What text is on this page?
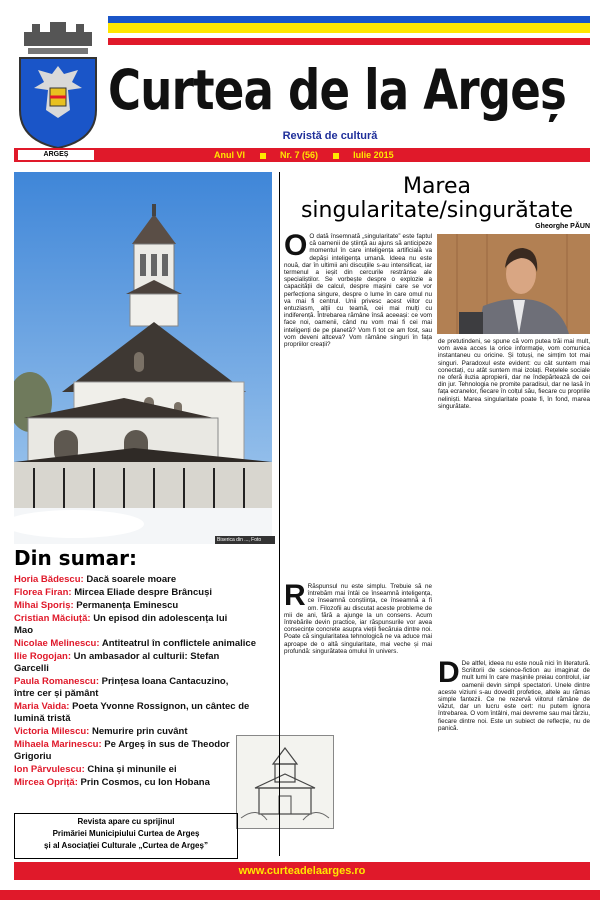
ARGEȘ
Curtea de la Argeș
Revistă de cultură
Anul VI	Nr. 7 (56)	Iulie 2015
Biserica din ..., Foto
Din sumar:
Horia Bădescu: Dacă soarele moare
Florea Firan: Mircea Eliade despre Brâncuși
Mihai Sporiș: Permanența Eminescu
Cristian Măciuță: Un episod din adolescența lui Mao
Nicolae Melinescu: Antiteatrul în conflictele animalice
Ilie Rogojan: Un ambasador al culturii: Stefan Garcelli
Paula Romanescu: Prințesa Ioana Cantacuzino, între cer și pământ
Maria Vaida: Poeta Yvonne Rossignon, un cântec de lumină tristă
Victoria Milescu: Nemurire prin cuvânt
Mihaela Marinescu: Pe Argeș în sus de Theodor Grigoriu
Ion Pârvulescu: China și minunile ei
Mircea Opriță: Prin Cosmos, cu Ion Hobana
Revista apare cu sprijinul
Primăriei Municipiului Curtea de Argeș
și al Asociației Culturale „Curtea de Argeș”
www.curteadelaarges.ro
Marea
singularitate/singurătate
Gheorghe PĂUN
O O dată însemnată „singularitate” este faptul că oamenii de știință au ajuns să anticipeze momentul în care inteligența artificială va depăși inteligența umană. Ideea nu este nouă, dar în ultimii ani discuțiile s-au intensificat, iar termenul a ieșit din cercurile restrânse ale specialiștilor. Se vorbește despre o explozie a capacității de calcul, despre mașini care se vor perfecționa singure, despre o lume în care omul nu va mai fi centrul. Unii privesc acest viitor cu entuziasm, alții cu teamă, cei mai mulți cu indiferență. Întrebarea rămâne însă aceeași: ce vom face noi, oamenii, când nu vom mai fi cei mai inteligenți de pe planetă? Vom fi tot ce am fost, sau vom deveni altceva? Vom rămâne singuri în fața propriilor creații?
R Răspunsul nu este simplu. Trebuie să ne întrebăm mai întâi ce înseamnă inteligența, ce înseamnă conștiința, ce înseamnă a fi om. Filozofii au discutat aceste probleme de mii de ani, fără a ajunge la un consens. Acum întrebările devin practice, iar răspunsurile vor avea consecințe concrete asupra vieții fiecăruia dintre noi. Poate că singularitatea tehnologică ne va aduce mai aproape de o altă singularitate, mai veche și mai profundă: singurătatea omului în univers.
de pretutindeni, se spune că vom putea trăi mai mult, vom avea acces la orice informație, vom comunica instantaneu cu oricine. Și totuși, ne simțim tot mai singuri. Paradoxul este evident: cu cât suntem mai conectați, cu atât suntem mai izolați. Rețelele sociale ne oferă iluzia apropierii, dar ne îndepărtează de cei din jur. Tehnologia ne promite paradisul, dar ne lasă în fața ecranelor, fiecare în colțul său, fiecare cu propriile neliniști. Marea singularitate poate fi, în fond, marea singurătate.
D De altfel, ideea nu este nouă nici în literatură. Scriitorii de science-fiction au imaginat de mult lumi în care mașinile preiau controlul, iar oamenii devin simpli spectatori. Unele dintre aceste viziuni s-au dovedit profetice, altele au rămas simple fantezii. Ce ne rezervă viitorul rămâne de văzut, dar un lucru este cert: nu putem ignora întrebarea. O vom întâlni, mai devreme sau mai târziu, fiecare dintre noi. Este un subiect de reflecție, nu de panică.
